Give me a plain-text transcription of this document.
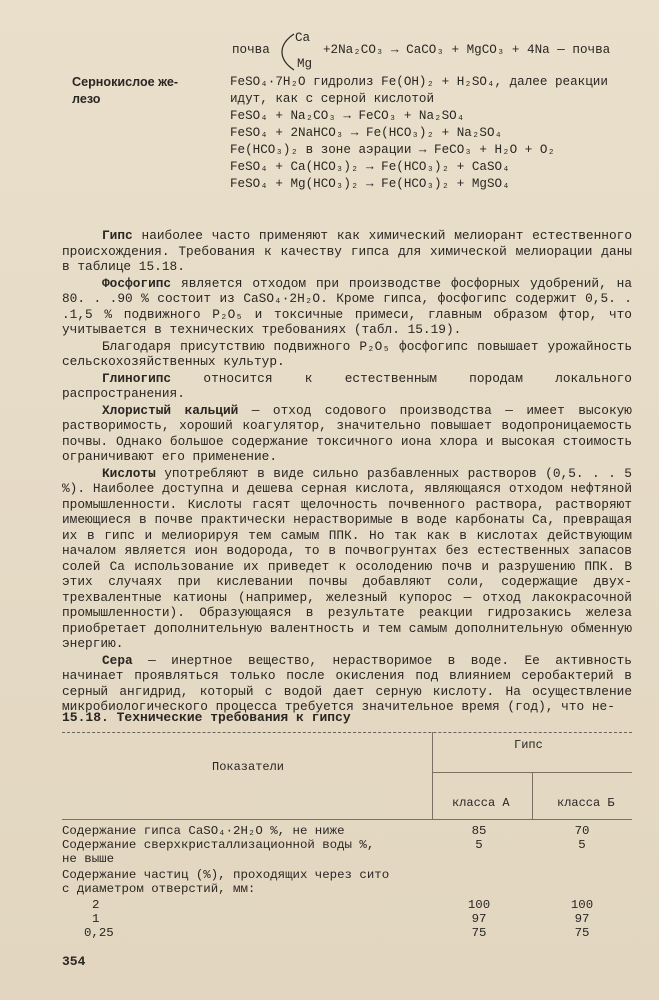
почва
Ca
Mg
+2Na₂CO₃ → CaCO₃ + MgCO₃ + 4Na — почва
Сернокислое же-	FeSO₄·7H₂O гидролиз Fe(OH)₂ + H₂SO₄, далее реакции
лезо	идут, как с серной кислотой
FeSO₄ + Na₂CO₃ → FeCO₃ + Na₂SO₄
FeSO₄ + 2NaHCO₃ → Fe(HCO₃)₂ + Na₂SO₄
Fe(HCO₃)₂ в зоне аэрации → FeCO₃ + H₂O + O₂
FeSO₄ + Ca(HCO₃)₂ → Fe(HCO₃)₂ + CaSO₄
FeSO₄ + Mg(HCO₃)₂ → Fe(HCO₃)₂ + MgSO₄

Гипс наиболее часто применяют как химический мелиорант естественного происхождения. Требования к качеству гипса для химической мелиорации даны в таблице 15.18.

Фосфогипс является отходом при производстве фосфорных удобрений, на 80. . .90 % состоит из CaSO₄·2H₂O. Кроме гипса, фосфогипс содержит 0,5. . .1,5 % подвижного P₂O₅ и токсичные примеси, главным образом фтор, что учитывается в технических требованиях (табл. 15.19).

Благодаря присутствию подвижного P₂O₅ фосфогипс повышает урожайность сельскохозяйственных культур.

Глиногипс относится к естественным породам локального распространения.

Хлористый кальций — отход содового производства — имеет высокую растворимость, хороший коагулятор, значительно повышает водопроницаемость почвы. Однако большое содержание токсичного иона хлора и высокая стоимость ограничивают его применение.

Кислоты употребляют в виде сильно разбавленных растворов (0,5. . . 5 %). Наиболее доступна и дешева серная кислота, являющаяся отходом нефтяной промышленности. Кислоты гасят щелочность почвенного раствора, растворяют имеющиеся в почве практически нерастворимые в воде карбонаты Са, превращая их в гипс и мелиорируя тем самым ППК. Но так как в кислотах действующим началом является ион водорода, то в почвогрунтах без естественных запасов солей Са использование их приведет к осолодению почв и разрушению ППК. В этих случаях при кислевании почвы добавляют соли, содержащие двух-трехвалентные катионы (например, железный купорос — отход лакокрасочной промышленности). Образующаяся в результате реакции гидрозакись железа приобретает дополнительную валентность и тем самым дополнительную обменную энергию.

Сера — инертное вещество, нерастворимое в воде. Ее активность начинает проявляться только после окисления под влиянием серобактерий в серный ангидрид, который с водой дает серную кислоту. На осуществление микробиологического процесса требуется значительное время (год), что не-

15.18. Технические требования к гипсу
Показатели
Гипс
класса А	класса Б
Содержание гипса CaSO₄·2H₂O %, не ниже	85	70
Содержание сверхкристаллизационной воды %,	5	5
не выше
Содержание частиц (%), проходящих через сито
с диаметром отверстий, мм:
2	100	100
1	97	97
0,25	75	75
354
